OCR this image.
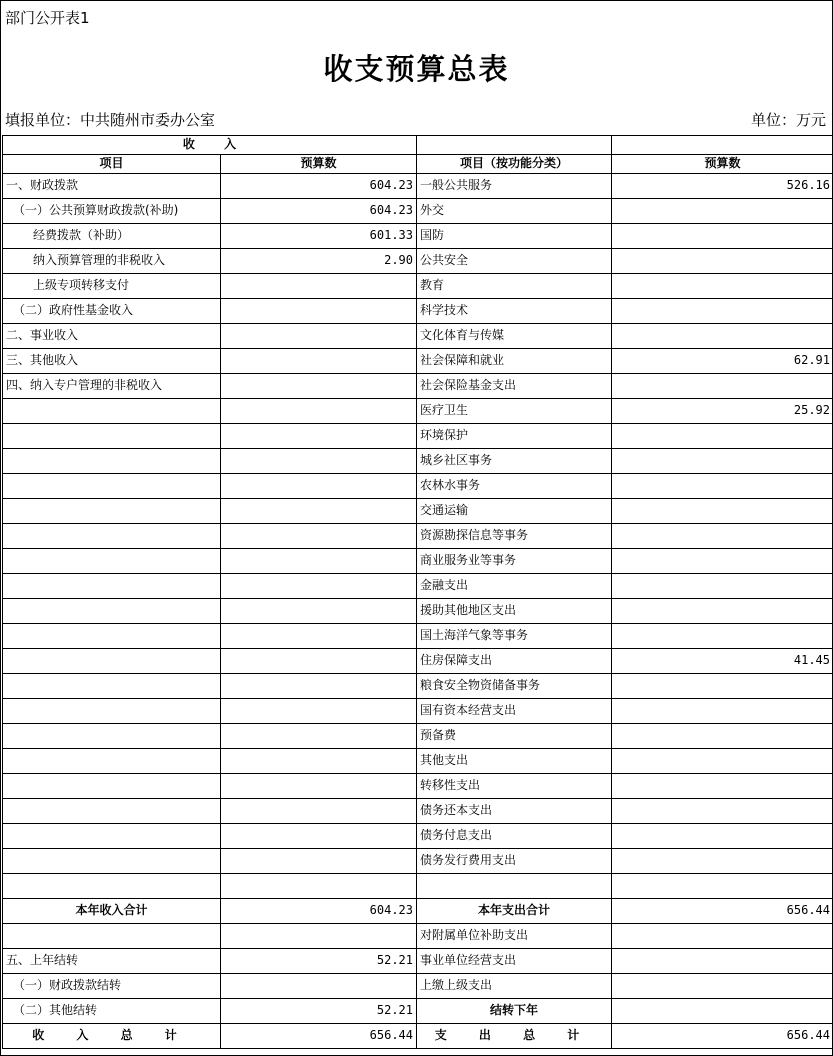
部门公开表1
收支预算总表
填报单位：中共随州市委办公室	单位：万元
收       入			
项目	预算数	项目（按功能分类）	预算数
一、财政拨款	604.23	一般公共服务	526.16
（一）公共预算财政拨款(补助)	604.23	外交	
经费拨款（补助）	601.33	国防	
纳入预算管理的非税收入	2.90	公共安全	
上级专项转移支付		教育	
（二）政府性基金收入		科学技术	
二、事业收入		文化体育与传媒	
三、其他收入		社会保障和就业	62.91
四、纳入专户管理的非税收入		社会保险基金支出	
		医疗卫生	25.92
		环境保护	
		城乡社区事务	
		农林水事务	
		交通运输	
		资源勘探信息等事务	
		商业服务业等事务	
		金融支出	
		援助其他地区支出	
		国土海洋气象等事务	
		住房保障支出	41.45
		粮食安全物资储备事务	
		国有资本经营支出	
		预备费	
		其他支出	
		转移性支出	
		债务还本支出	
		债务付息支出	
		债务发行费用支出	

本年收入合计	604.23	本年支出合计	656.44
		对附属单位补助支出	
五、上年结转	52.21	事业单位经营支出	
（一）财政拨款结转		上缴上级支出	
（二）其他结转	52.21	结转下年	
收 入 总 计	656.44	支 出 总 计	656.44
